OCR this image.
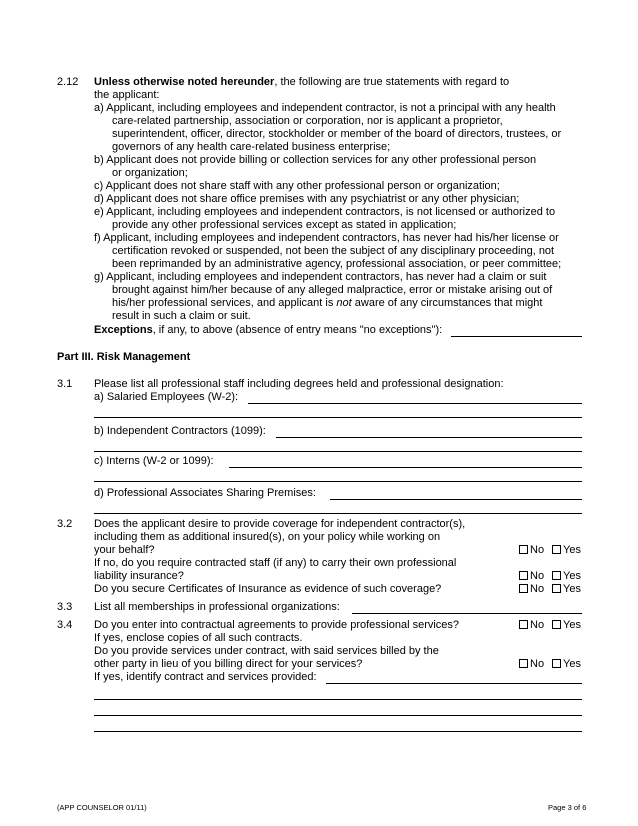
2.12 Unless otherwise noted hereunder, the following are true statements with regard to
the applicant:
a) Applicant, including employees and independent contractor, is not a principal with any health
care-related partnership, association or corporation, nor is applicant a proprietor,
superintendent, officer, director, stockholder or member of the board of directors, trustees, or
governors of any health care-related business enterprise;
b) Applicant does not provide billing or collection services for any other professional person
or organization;
c) Applicant does not share staff with any other professional person or organization;
d) Applicant does not share office premises with any psychiatrist or any other physician;
e) Applicant, including employees and independent contractors, is not licensed or authorized to
provide any other professional services except as stated in application;
f) Applicant, including employees and independent contractors, has never had his/her license or
certification revoked or suspended, not been the subject of any disciplinary proceeding, not
been reprimanded by an administrative agency, professional association, or peer committee;
g) Applicant, including employees and independent contractors, has never had a claim or suit
brought against him/her because of any alleged malpractice, error or mistake arising out of
his/her professional services, and applicant is not aware of any circumstances that might
result in such a claim or suit.
Exceptions, if any, to above (absence of entry means "no exceptions"):
Part III. Risk Management
3.1 Please list all professional staff including degrees held and professional designation:
a) Salaried Employees (W-2):
b) Independent Contractors (1099):
c) Interns (W-2 or 1099):
d) Professional Associates Sharing Premises:
3.2 Does the applicant desire to provide coverage for independent contractor(s),
including them as additional insured(s), on your policy while working on
your behalf?	No Yes
If no, do you require contracted staff (if any) to carry their own professional
liability insurance?	No Yes
Do you secure Certificates of Insurance as evidence of such coverage?	No Yes
3.3 List all memberships in professional organizations:
3.4 Do you enter into contractual agreements to provide professional services?	No Yes
If yes, enclose copies of all such contracts.
Do you provide services under contract, with said services billed by the
other party in lieu of you billing direct for your services?	No Yes
If yes, identify contract and services provided:
(APP COUNSELOR 01/11)	Page 3 of 6
